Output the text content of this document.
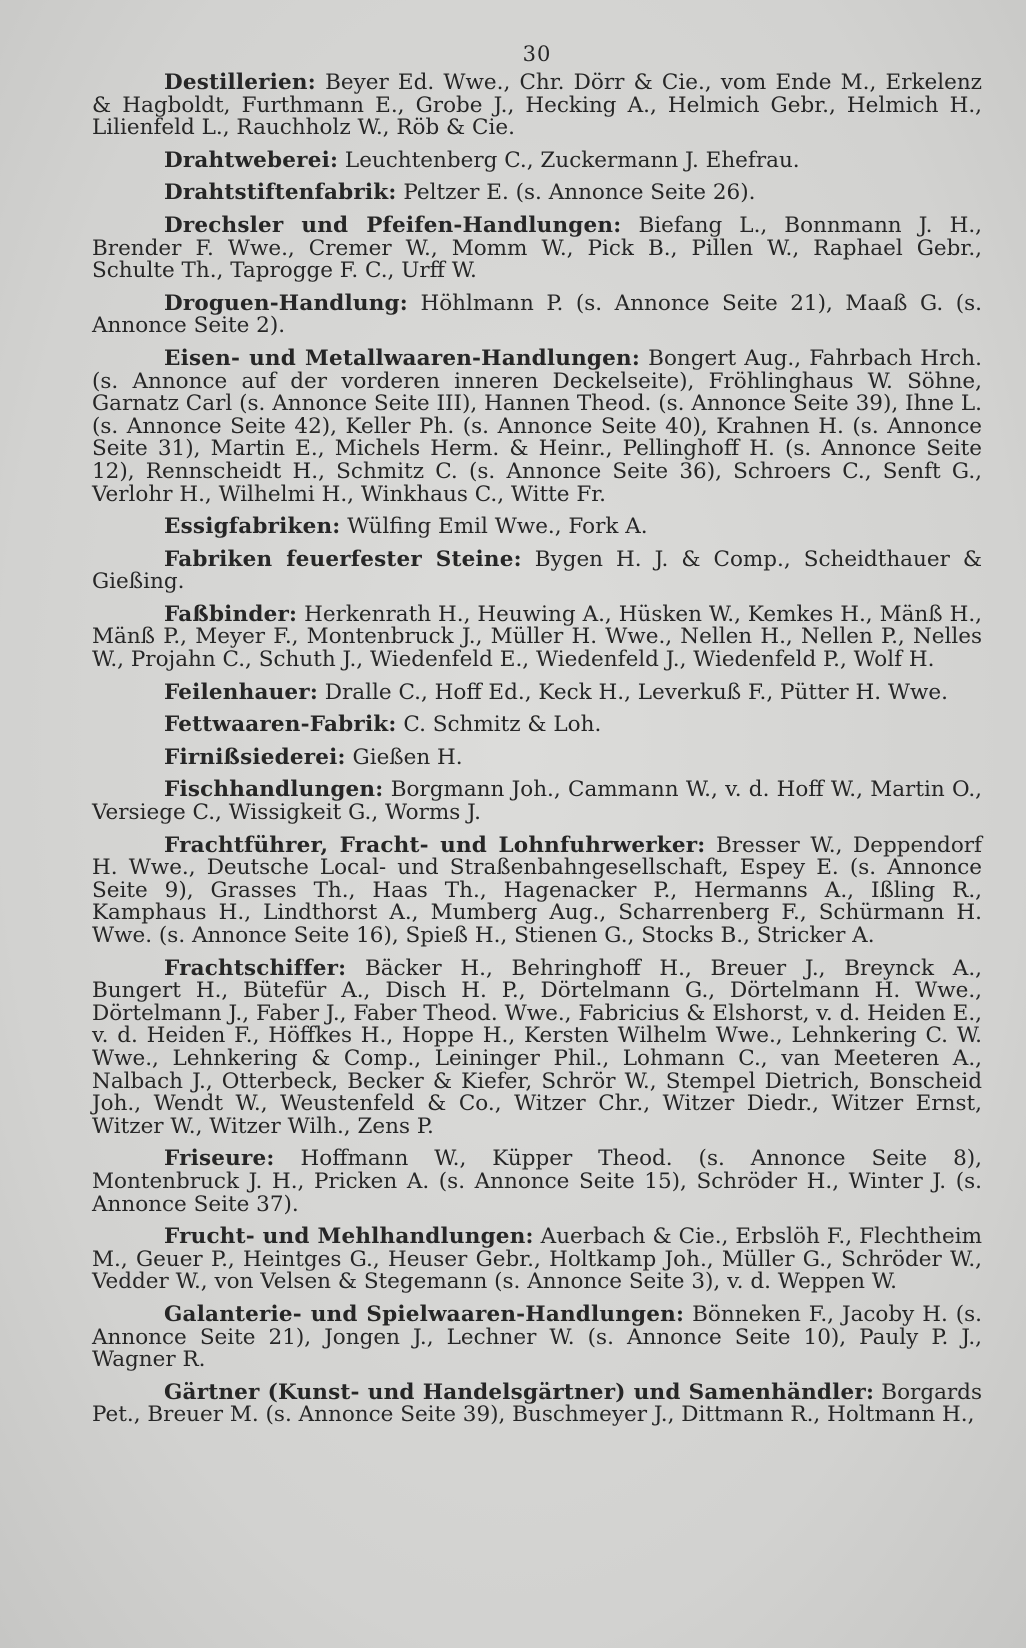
30

Destillerien: Beyer Ed. Wwe., Chr. Dörr & Cie., vom Ende M., Erkelenz & Hagboldt, Furthmann E., Grobe J., Hecking A., Helmich Gebr., Helmich H., Lilienfeld L., Rauchholz W., Röb & Cie.

Drahtweberei: Leuchtenberg C., Zuckermann J. Ehefrau.

Drahtstiftenfabrik: Peltzer E. (s. Annonce Seite 26).

Drechsler und Pfeifen-Handlungen: Biefang L., Bonnmann J. H., Brender F. Wwe., Cremer W., Momm W., Pick B., Pillen W., Raphael Gebr., Schulte Th., Taprogge F. C., Urff W.

Droguen-Handlung: Höhlmann P. (s. Annonce Seite 21), Maaß G. (s. Annonce Seite 2).

Eisen- und Metallwaaren-Handlungen: Bongert Aug., Fahrbach Hrch. (s. Annonce auf der vorderen inneren Deckelseite), Fröhlinghaus W. Söhne, Garnatz Carl (s. Annonce Seite III), Hannen Theod. (s. Annonce Seite 39), Ihne L. (s. Annonce Seite 42), Keller Ph. (s. Annonce Seite 40), Krahnen H. (s. Annonce Seite 31), Martin E., Michels Herm. & Heinr., Pellinghoff H. (s. Annonce Seite 12), Rennscheidt H., Schmitz C. (s. Annonce Seite 36), Schroers C., Senft G., Verlohr H., Wilhelmi H., Winkhaus C., Witte Fr.

Essigfabriken: Wülfing Emil Wwe., Fork A.

Fabriken feuerfester Steine: Bygen H. J. & Comp., Scheidthauer & Gießing.

Faßbinder: Herkenrath H., Heuwing A., Hüsken W., Kemkes H., Mänß H., Mänß P., Meyer F., Montenbruck J., Müller H. Wwe., Nellen H., Nellen P., Nelles W., Projahn C., Schuth J., Wiedenfeld E., Wiedenfeld J., Wiedenfeld P., Wolf H.

Feilenhauer: Dralle C., Hoff Ed., Keck H., Leverkuß F., Pütter H. Wwe.

Fettwaaren-Fabrik: C. Schmitz & Loh.

Firnißsiederei: Gießen H.

Fischhandlungen: Borgmann Joh., Cammann W., v. d. Hoff W., Martin O., Versiege C., Wissigkeit G., Worms J.

Frachtführer, Fracht- und Lohnfuhrwerker: Bresser W., Deppendorf H. Wwe., Deutsche Local- und Straßenbahngesellschaft, Espey E. (s. Annonce Seite 9), Grasses Th., Haas Th., Hagenacker P., Hermanns A., Ißling R., Kamphaus H., Lindthorst A., Mumberg Aug., Scharrenberg F., Schürmann H. Wwe. (s. Annonce Seite 16), Spieß H., Stienen G., Stocks B., Stricker A.

Frachtschiffer: Bäcker H., Behringhoff H., Breuer J., Breynck A., Bungert H., Bütefür A., Disch H. P., Dörtelmann G., Dörtelmann H. Wwe., Dörtelmann J., Faber J., Faber Theod. Wwe., Fabricius & Elshorst, v. d. Heiden E., v. d. Heiden F., Höffkes H., Hoppe H., Kersten Wilhelm Wwe., Lehnkering C. W. Wwe., Lehnkering & Comp., Leininger Phil., Lohmann C., van Meeteren A., Nalbach J., Otterbeck, Becker & Kiefer, Schrör W., Stempel Dietrich, Bonscheid Joh., Wendt W., Weustenfeld & Co., Witzer Chr., Witzer Diedr., Witzer Ernst, Witzer W., Witzer Wilh., Zens P.

Friseure: Hoffmann W., Küpper Theod. (s. Annonce Seite 8), Montenbruck J. H., Pricken A. (s. Annonce Seite 15), Schröder H., Winter J. (s. Annonce Seite 37).

Frucht- und Mehlhandlungen: Auerbach & Cie., Erbslöh F., Flechtheim M., Geuer P., Heintges G., Heuser Gebr., Holtkamp Joh., Müller G., Schröder W., Vedder W., von Velsen & Stegemann (s. Annonce Seite 3), v. d. Weppen W.

Galanterie- und Spielwaaren-Handlungen: Bönneken F., Jacoby H. (s. Annonce Seite 21), Jongen J., Lechner W. (s. Annonce Seite 10), Pauly P. J., Wagner R.

Gärtner (Kunst- und Handelsgärtner) und Samenhändler: Borgards Pet., Breuer M. (s. Annonce Seite 39), Buschmeyer J., Dittmann R., Holtmann H.,
